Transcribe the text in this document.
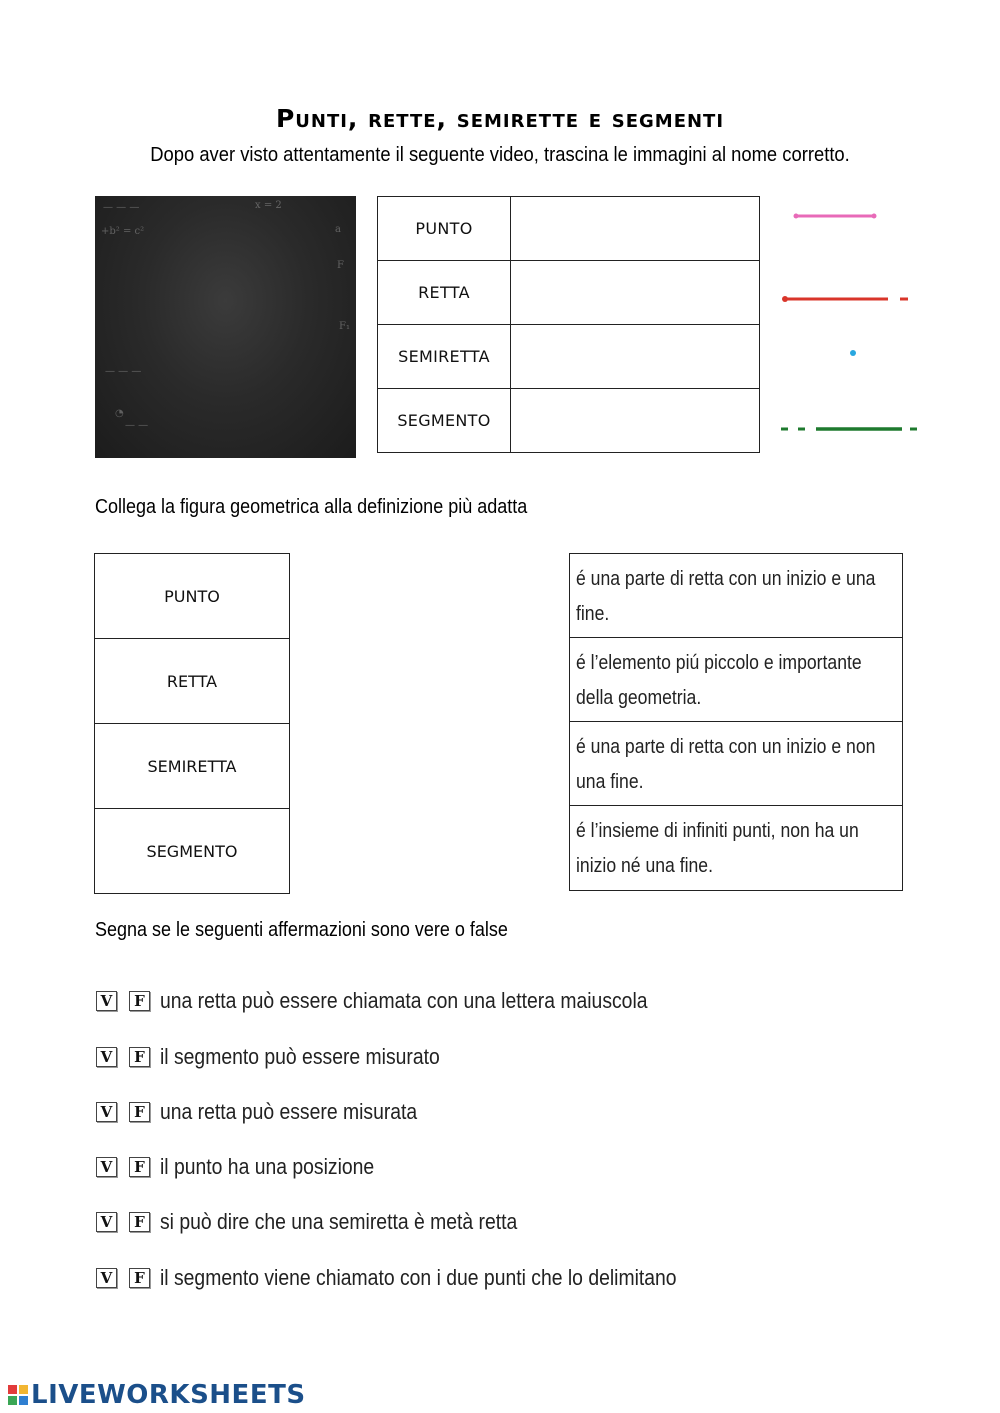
Punti, rette, semirette e segmenti
Dopo aver visto attentamente il seguente video, trascina le immagini al nome corretto.
— — —	x = 2
+b² = c²	a
F
F₁
— — —
◔
— —
PUNTO	
RETTA	
SEMIRETTA	
SEGMENTO	
Collega la figura geometrica alla definizione più adatta
PUNTO
RETTA
SEMIRETTA
SEGMENTO
é una parte di retta con un inizio e una fine.
é l’elemento piú piccolo e importante della geometria.
é una parte di retta con un inizio e non una fine.
é l’insieme di infiniti punti, non ha un inizio né una fine.
Segna se le seguenti affermazioni sono vere o false
V	F una retta può essere chiamata con una lettera maiuscola
V	F il segmento può essere misurato
V	F una retta può essere misurata
V	F il punto ha una posizione
V	F si può dire che una semiretta è metà retta
V	F il segmento viene chiamato con i due punti che lo delimitano
LIVEWORKSHEETS
